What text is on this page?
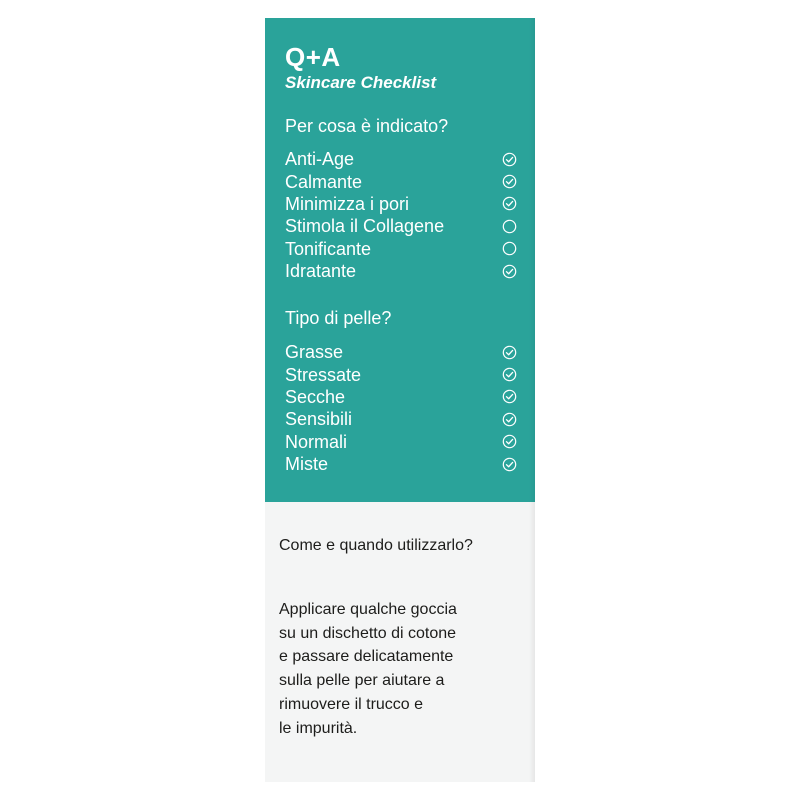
Q+A
Skincare Checklist
Per cosa è indicato?
Anti-Age
Calmante
Minimizza i pori
Stimola il Collagene
Tonificante
Idratante
Tipo di pelle?
Grasse
Stressate
Secche
Sensibili
Normali
Miste
Come e quando utilizzarlo?
Applicare qualche goccia
su un dischetto di cotone
e passare delicatamente
sulla pelle per aiutare a
rimuovere il trucco e
le impurità.
